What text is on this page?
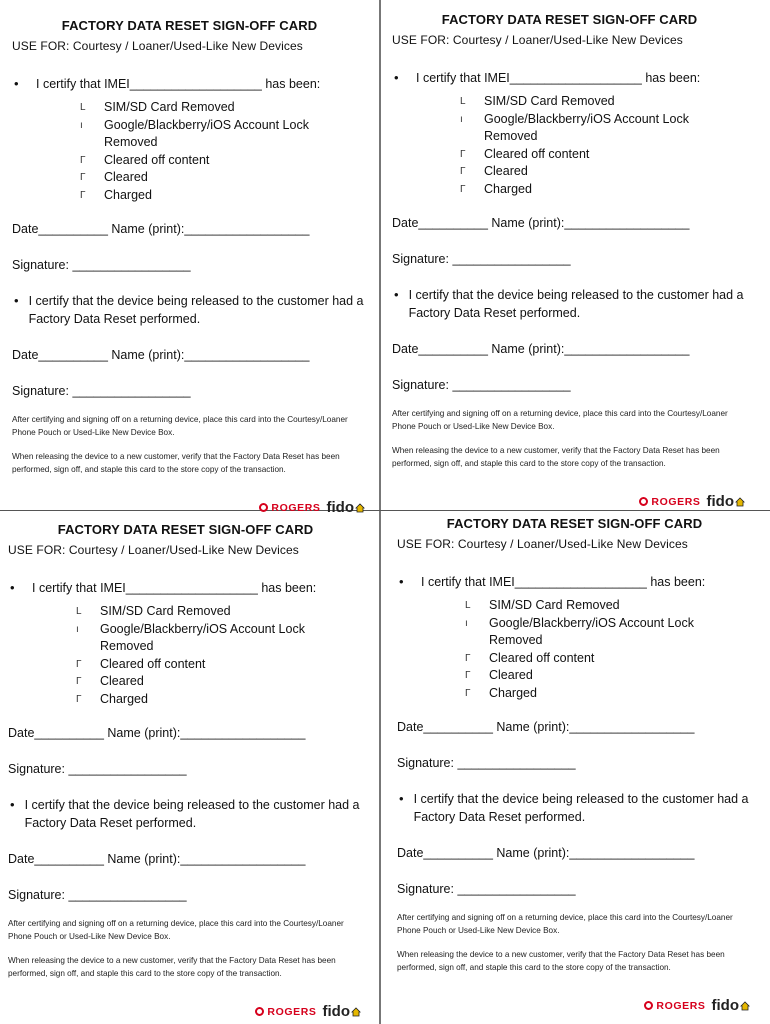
FACTORY DATA RESET SIGN-OFF CARD
USE FOR: Courtesy / Loaner/Used-Like New Devices
•	I certify that IMEI___________________ has been:
L	SIM/SD Card Removed
ı	Google/Blackberry/iOS Account Lock
Removed
Γ	Cleared off content
Γ	Cleared
Γ	Charged
Date__________ Name (print):__________________
Signature: _________________
• I certify that the device being released to the customer had a Factory Data Reset performed.
Date__________ Name (print):__________________
Signature: _________________
After certifying and signing off on a returning device, place this card into the Courtesy/Loaner Phone Pouch or Used-Like New Device Box.
When releasing the device to a new customer, verify that the Factory Data Reset has been performed, sign off, and staple this card to the store copy of the transaction.
ROGERS fido
FACTORY DATA RESET SIGN-OFF CARD
USE FOR: Courtesy / Loaner/Used-Like New Devices
•	I certify that IMEI___________________ has been:
L	SIM/SD Card Removed
ı	Google/Blackberry/iOS Account Lock
Removed
Γ	Cleared off content
Γ	Cleared
Γ	Charged
Date__________ Name (print):__________________
Signature: _________________
• I certify that the device being released to the customer had a Factory Data Reset performed.
Date__________ Name (print):__________________
Signature: _________________
After certifying and signing off on a returning device, place this card into the Courtesy/Loaner Phone Pouch or Used-Like New Device Box.
When releasing the device to a new customer, verify that the Factory Data Reset has been performed, sign off, and staple this card to the store copy of the transaction.
ROGERS fido
FACTORY DATA RESET SIGN-OFF CARD
USE FOR: Courtesy / Loaner/Used-Like New Devices
•	I certify that IMEI___________________ has been:
L	SIM/SD Card Removed
ı	Google/Blackberry/iOS Account Lock
Removed
Γ	Cleared off content
Γ	Cleared
Γ	Charged
Date__________ Name (print):__________________
Signature: _________________
• I certify that the device being released to the customer had a Factory Data Reset performed.
Date__________ Name (print):__________________
Signature: _________________
After certifying and signing off on a returning device, place this card into the Courtesy/Loaner Phone Pouch or Used-Like New Device Box.
When releasing the device to a new customer, verify that the Factory Data Reset has been performed, sign off, and staple this card to the store copy of the transaction.
ROGERS fido
FACTORY DATA RESET SIGN-OFF CARD
USE FOR: Courtesy / Loaner/Used-Like New Devices
•	I certify that IMEI___________________ has been:
L	SIM/SD Card Removed
ı	Google/Blackberry/iOS Account Lock
Removed
Γ	Cleared off content
Γ	Cleared
Γ	Charged
Date__________ Name (print):__________________
Signature: _________________
• I certify that the device being released to the customer had a Factory Data Reset performed.
Date__________ Name (print):__________________
Signature: _________________
After certifying and signing off on a returning device, place this card into the Courtesy/Loaner Phone Pouch or Used-Like New Device Box.
When releasing the device to a new customer, verify that the Factory Data Reset has been performed, sign off, and staple this card to the store copy of the transaction.
ROGERS fido
